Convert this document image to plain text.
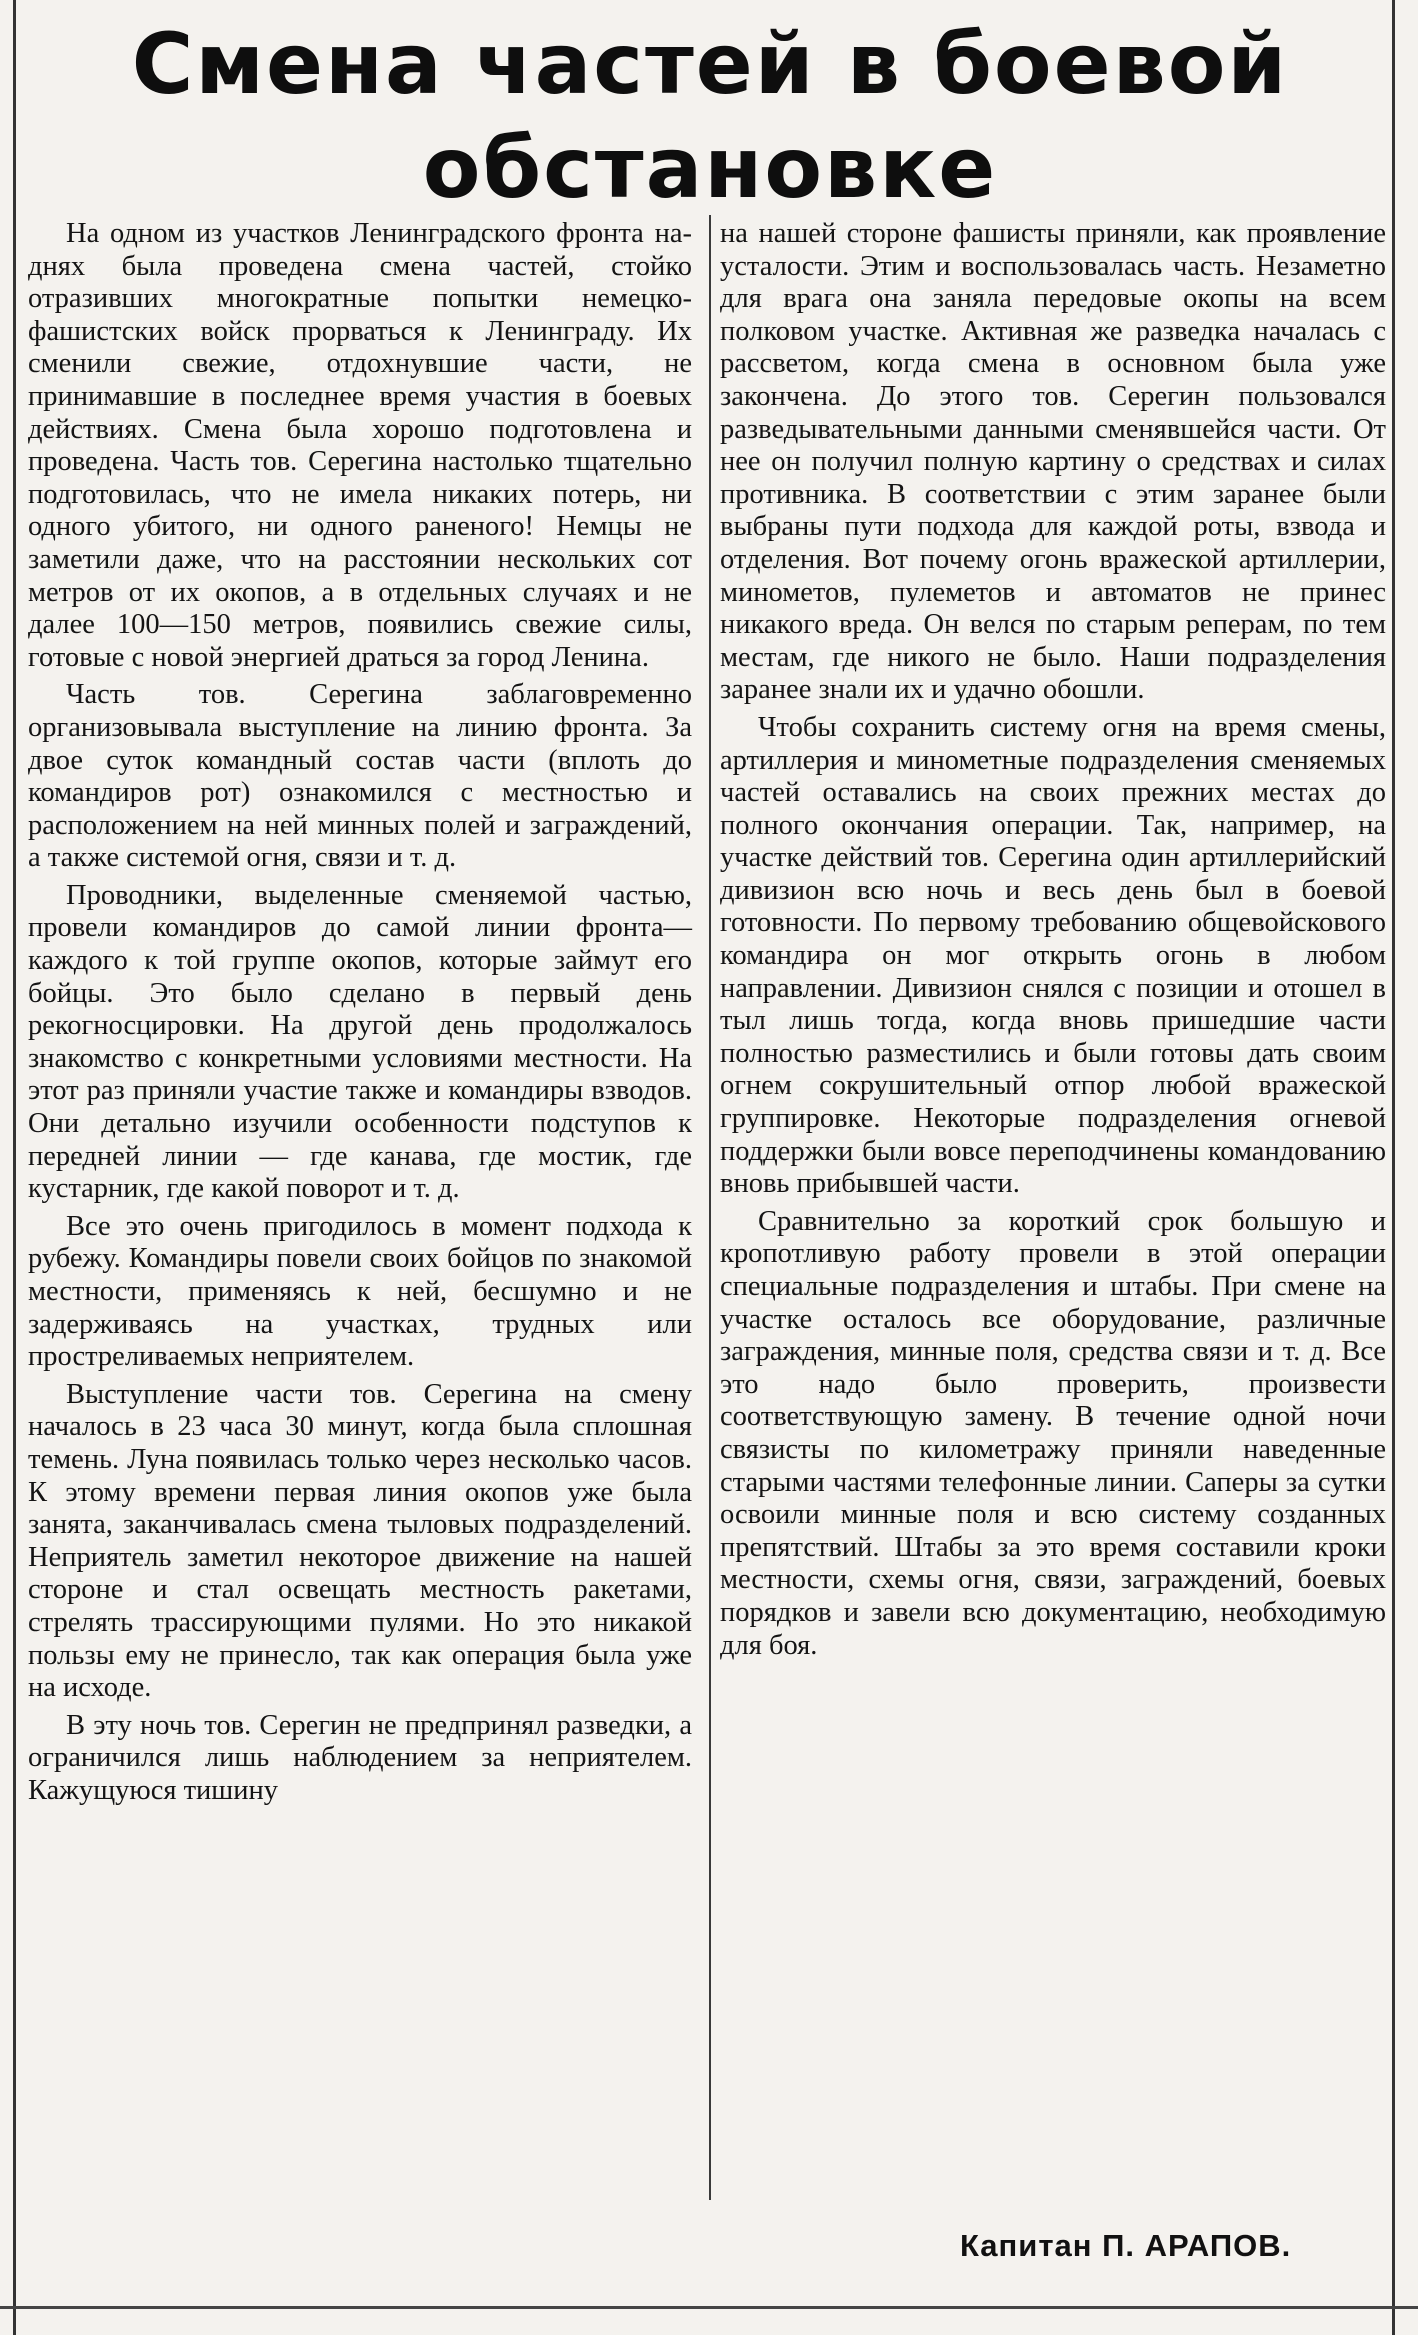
Смена частей в боевой обстановке

На одном из участков Ленинградского фронта на-днях была проведена смена частей, стойко отразивших многократные попытки немецко-фашистских войск прорваться к Ленинграду. Их сменили свежие, отдохнувшие части, не принимавшие в последнее время участия в боевых действиях. Смена была хорошо подготовлена и проведена. Часть тов. Серегина настолько тщательно подготовилась, что не имела никаких потерь, ни одного убитого, ни одного раненого! Немцы не заметили даже, что на расстоянии нескольких сот метров от их окопов, а в отдельных случаях и не далее 100—150 метров, появились свежие силы, готовые с новой энергией драться за город Ленина.

Часть тов. Серегина заблаговременно организовывала выступление на линию фронта. За двое суток командный состав части (вплоть до командиров рот) ознакомился с местностью и расположением на ней минных полей и заграждений, а также системой огня, связи и т. д.

Проводники, выделенные сменяемой частью, провели командиров до самой линии фронта—каждого к той группе окопов, которые займут его бойцы. Это было сделано в первый день рекогносцировки. На другой день продолжалось знакомство с конкретными условиями местности. На этот раз приняли участие также и командиры взводов. Они детально изучили особенности подступов к передней линии — где канава, где мостик, где кустарник, где какой поворот и т. д.

Все это очень пригодилось в момент подхода к рубежу. Командиры повели своих бойцов по знакомой местности, применяясь к ней, бесшумно и не задерживаясь на участках, трудных или простреливаемых неприятелем.

Выступление части тов. Серегина на смену началось в 23 часа 30 минут, когда была сплошная темень. Луна появилась только через несколько часов. К этому времени первая линия окопов уже была занята, заканчивалась смена тыловых подразделений. Неприятель заметил некоторое движение на нашей стороне и стал освещать местность ракетами, стрелять трассирующими пулями. Но это никакой пользы ему не принесло, так как операция была уже на исходе.

В эту ночь тов. Серегин не предпринял разведки, а ограничился лишь наблюдением за неприятелем. Кажущуюся тишину

на нашей стороне фашисты приняли, как проявление усталости. Этим и воспользовалась часть. Незаметно для врага она заняла передовые окопы на всем полковом участке. Активная же разведка началась с рассветом, когда смена в основном была уже закончена. До этого тов. Серегин пользовался разведывательными данными сменявшейся части. От нее он получил полную картину о средствах и силах противника. В соответствии с этим заранее были выбраны пути подхода для каждой роты, взвода и отделения. Вот почему огонь вражеской артиллерии, минометов, пулеметов и автоматов не принес никакого вреда. Он велся по старым реперам, по тем местам, где никого не было. Наши подразделения заранее знали их и удачно обошли.

Чтобы сохранить систему огня на время смены, артиллерия и минометные подразделения сменяемых частей оставались на своих прежних местах до полного окончания операции. Так, например, на участке действий тов. Серегина один артиллерийский дивизион всю ночь и весь день был в боевой готовности. По первому требованию общевойскового командира он мог открыть огонь в любом направлении. Дивизион снялся с позиции и отошел в тыл лишь тогда, когда вновь пришедшие части полностью разместились и были готовы дать своим огнем сокрушительный отпор любой вражеской группировке. Некоторые подразделения огневой поддержки были вовсе переподчинены командованию вновь прибывшей части.

Сравнительно за короткий срок большую и кропотливую работу провели в этой операции специальные подразделения и штабы. При смене на участке осталось все оборудование, различные заграждения, минные поля, средства связи и т. д. Все это надо было проверить, произвести соответствующую замену. В течение одной ночи связисты по километражу приняли наведенные старыми частями телефонные линии. Саперы за сутки освоили минные поля и всю систему созданных препятствий. Штабы за это время составили кроки местности, схемы огня, связи, заграждений, боевых порядков и завели всю документацию, необходимую для боя.

Капитан П. АРАПОВ.
